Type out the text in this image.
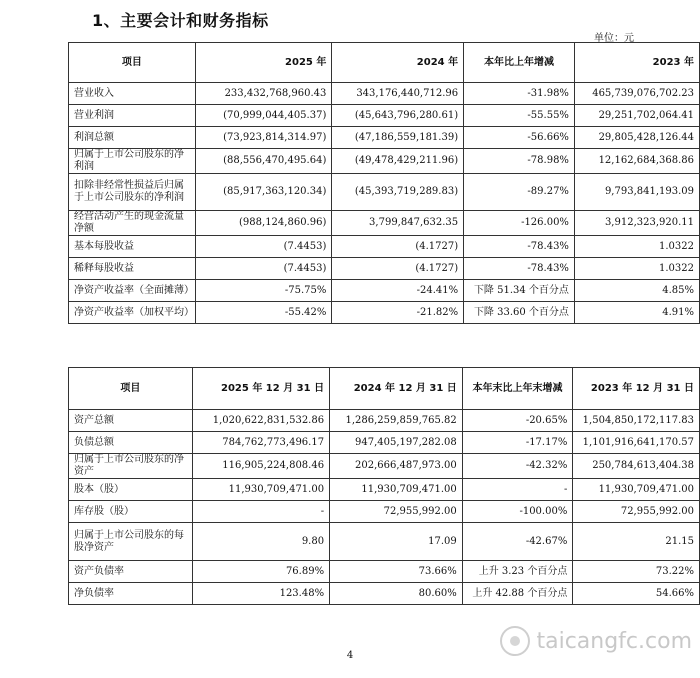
1、主要会计和财务指标
单位：元
项目	2025 年	2024 年	本年比上年增减	2023 年
营业收入	233,432,768,960.43	343,176,440,712.96	-31.98%	465,739,076,702.23
营业利润	(70,999,044,405.37)	(45,643,796,280.61)	-55.55%	29,251,702,064.41
利润总额	(73,923,814,314.97)	(47,186,559,181.39)	-56.66%	29,805,428,126.44
归属于上市公司股东的净利润	(88,556,470,495.64)	(49,478,429,211.96)	-78.98%	12,162,684,368.86
扣除非经常性损益后归属于上市公司股东的净利润	(85,917,363,120.34)	(45,393,719,289.83)	-89.27%	9,793,841,193.09
经营活动产生的现金流量净额	(988,124,860.96)	3,799,847,632.35	-126.00%	3,912,323,920.11
基本每股收益	(7.4453)	(4.1727)	-78.43%	1.0322
稀释每股收益	(7.4453)	(4.1727)	-78.43%	1.0322
净资产收益率（全面摊薄）	-75.75%	-24.41%	下降 51.34 个百分点	4.85%
净资产收益率（加权平均）	-55.42%	-21.82%	下降 33.60 个百分点	4.91%
项目	2025 年 12 月 31 日	2024 年 12 月 31 日	本年末比上年末增减	2023 年 12 月 31 日
资产总额	1,020,622,831,532.86	1,286,259,859,765.82	-20.65%	1,504,850,172,117.83
负债总额	784,762,773,496.17	947,405,197,282.08	-17.17%	1,101,916,641,170.57
归属于上市公司股东的净资产	116,905,224,808.46	202,666,487,973.00	-42.32%	250,784,613,404.38
股本（股）	11,930,709,471.00	11,930,709,471.00	-	11,930,709,471.00
库存股（股）	-	72,955,992.00	-100.00%	72,955,992.00
归属于上市公司股东的每股净资产	9.80	17.09	-42.67%	21.15
资产负债率	76.89%	73.66%	上升 3.23 个百分点	73.22%
净负债率	123.48%	80.60%	上升 42.88 个百分点	54.66%
4
taicangfc.com
